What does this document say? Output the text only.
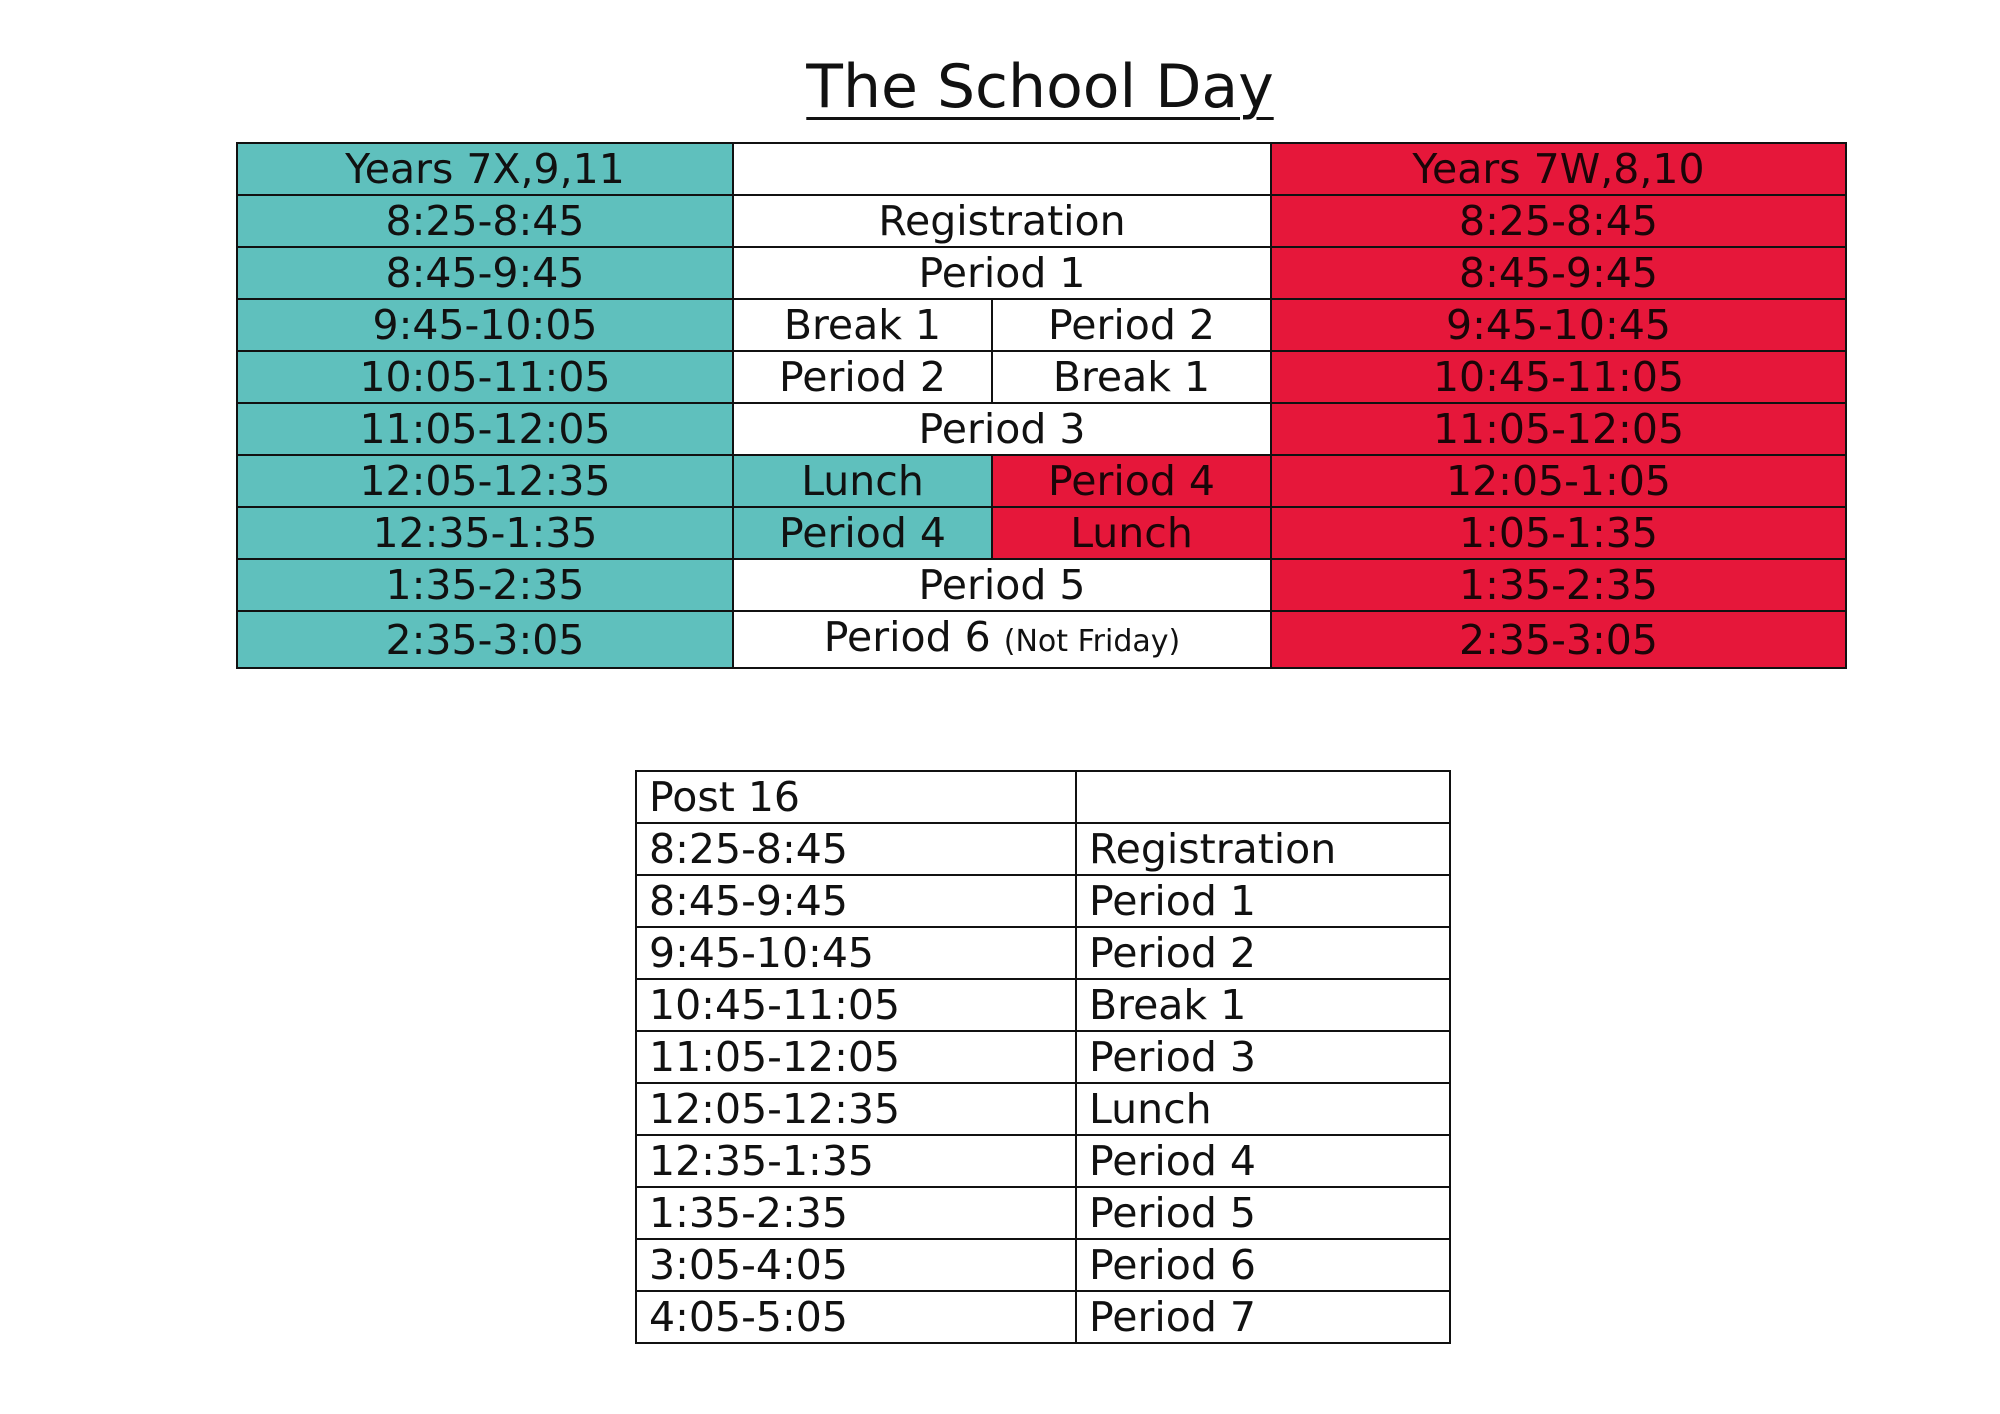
The School Day
Years 7X,9,11			Years 7W,8,10
8:25-8:45	Registration		8:25-8:45
8:45-9:45	Period 1		8:45-9:45
9:45-10:05	Break 1	Period 2	9:45-10:45
10:05-11:05	Period 2	Break 1	10:45-11:05
11:05-12:05	Period 3		11:05-12:05
12:05-12:35	Lunch	Period 4	12:05-1:05
12:35-1:35	Period 4	Lunch	1:05-1:35
1:35-2:35	Period 5		1:35-2:35
2:35-3:05	Period 6 (Not Friday)		2:35-3:05
Post 16	
8:25-8:45	Registration
8:45-9:45	Period 1
9:45-10:45	Period 2
10:45-11:05	Break 1
11:05-12:05	Period 3
12:05-12:35	Lunch
12:35-1:35	Period 4
1:35-2:35	Period 5
3:05-4:05	Period 6
4:05-5:05	Period 7
